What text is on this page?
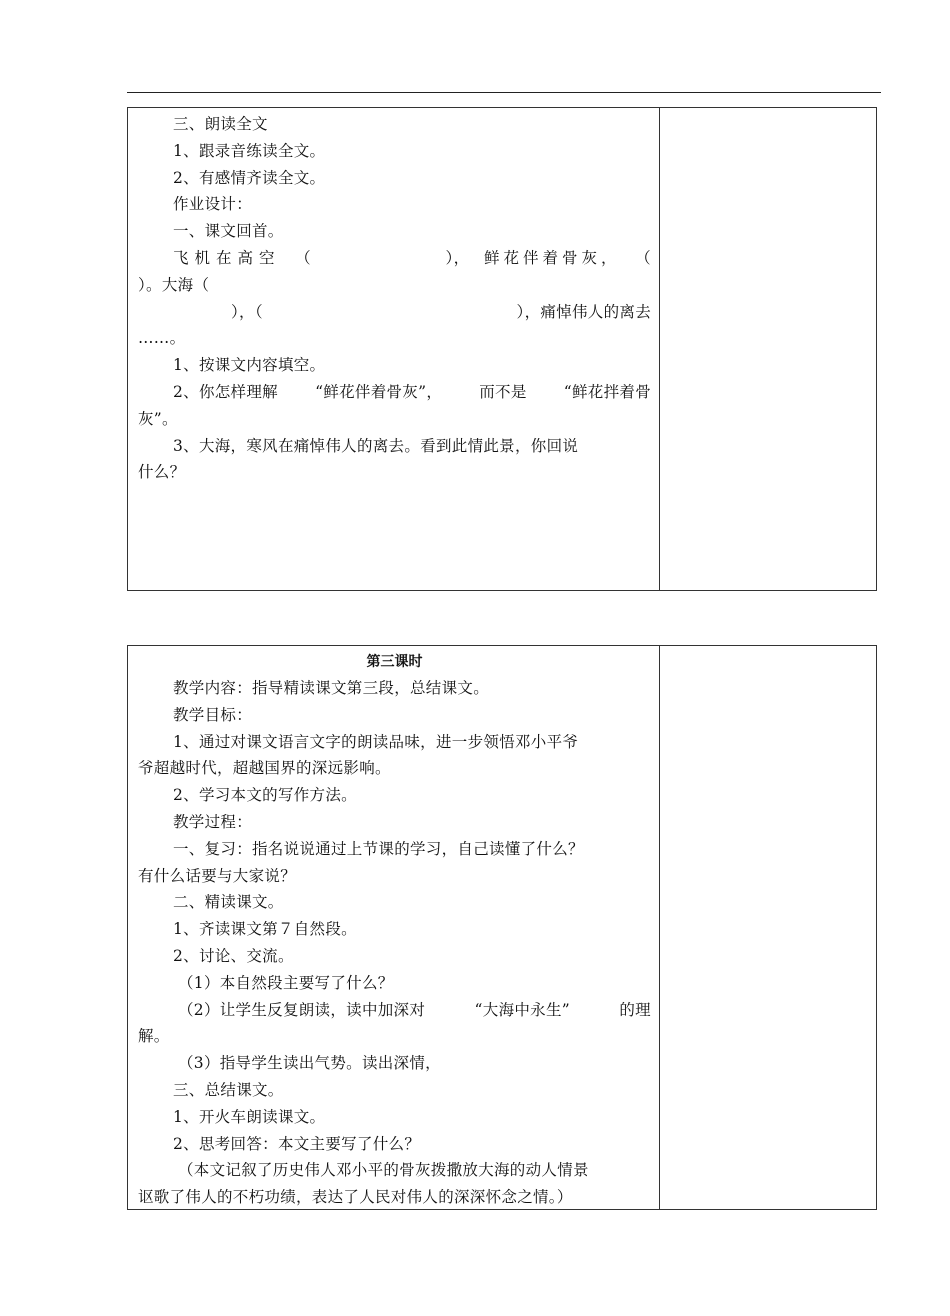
三、朗读全文
1、跟录音练读全文。
2、有感情齐读全文。
作业设计：
一、课文回首。
飞机在高空 （	）， 鲜花伴着骨灰， （
）。大海（
），（	），痛悼伟人的离去
……。
1、按课文内容填空。
2、你怎样理解 “鲜花伴着骨灰”， 而不是 “鲜花拌着骨
灰”。
3、大海，寒风在痛悼伟人的离去。看到此情此景，你回说
什么？
第三课时
教学内容：指导精读课文第三段，总结课文。
教学目标：
1、通过对课文语言文字的朗读品味，进一步领悟邓小平爷
爷超越时代，超越国界的深远影响。
2、学习本文的写作方法。
教学过程：
一、复习：指名说说通过上节课的学习，自己读懂了什么？
有什么话要与大家说？
二、精读课文。
1、齐读课文第７自然段。
2、讨论、交流。
（1）本自然段主要写了什么？
（2）让学生反复朗读，读中加深对	“大海中永生”	的理
解。
（3）指导学生读出气势。读出深情，
三、总结课文。
1、开火车朗读课文。
2、思考回答：本文主要写了什么？
（本文记叙了历史伟人邓小平的骨灰拨撒放大海的动人情景
讴歌了伟人的不朽功绩，表达了人民对伟人的深深怀念之情。）
